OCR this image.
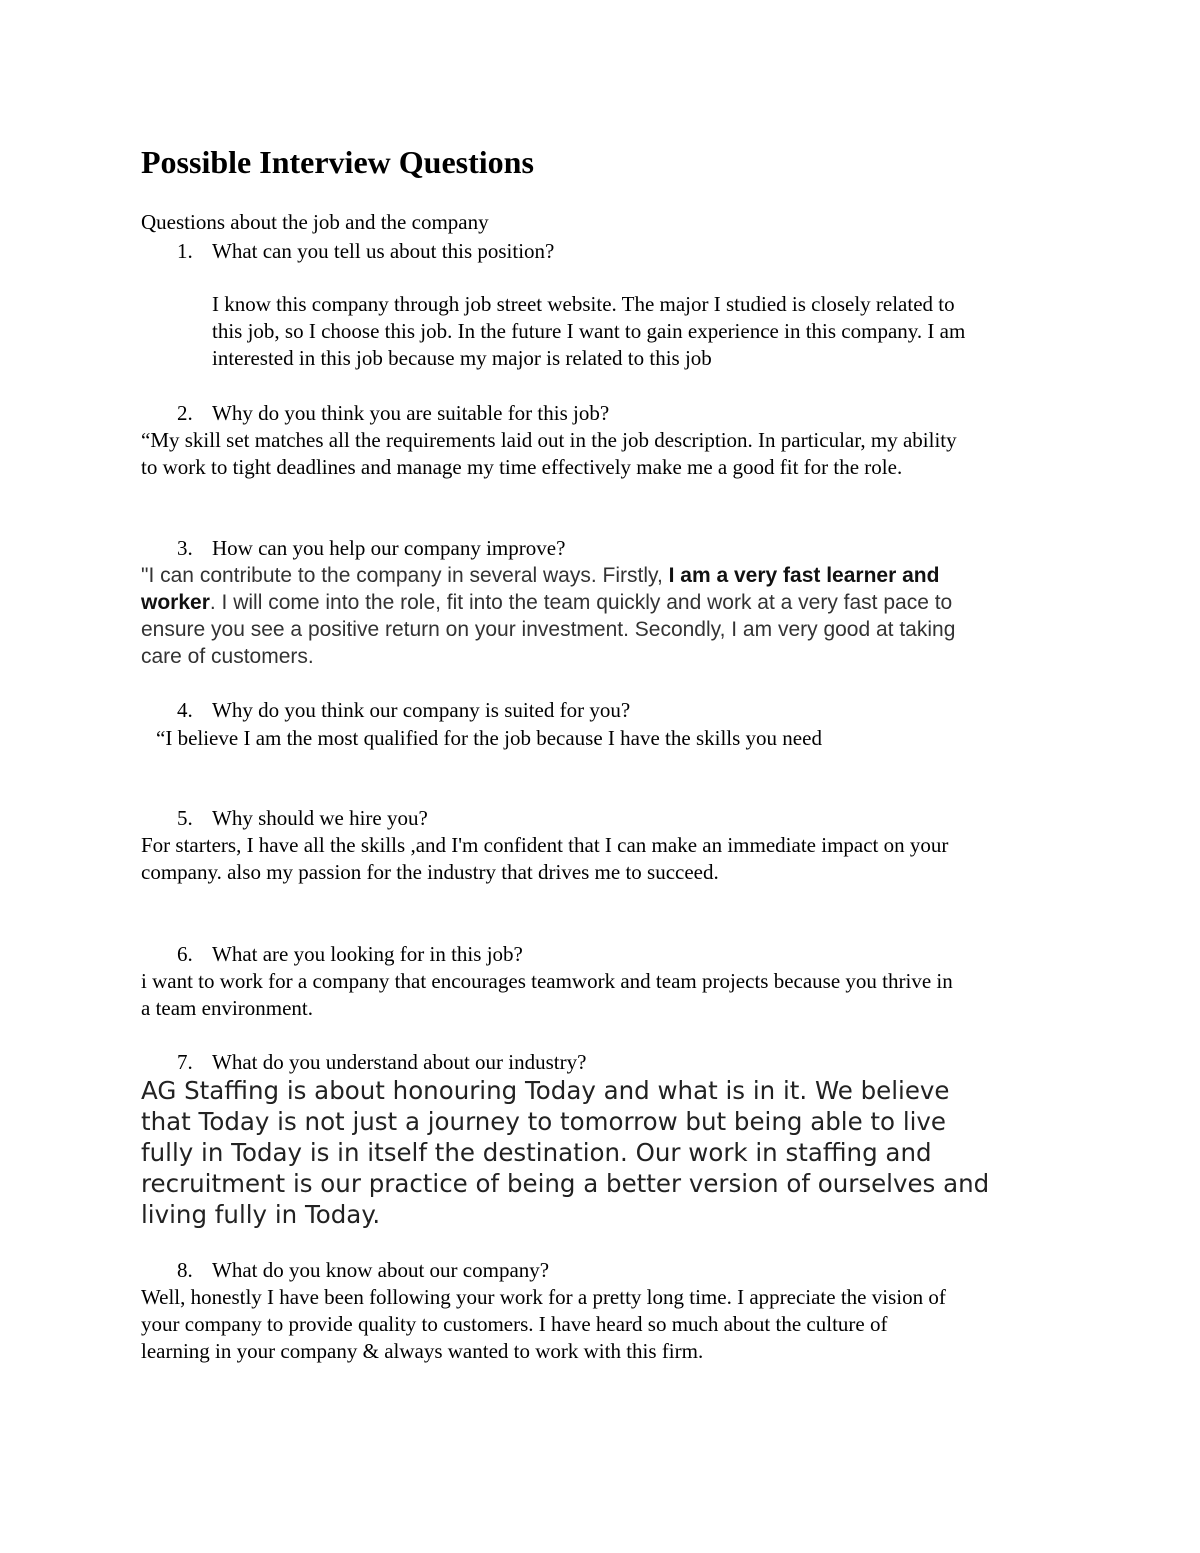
Possible Interview Questions
Questions about the job and the company
1. What can you tell us about this position?
I know this company through job street website. The major I studied is closely related to
this job, so I choose this job. In the future I want to gain experience in this company. I am
interested in this job because my major is related to this job
2. Why do you think you are suitable for this job?
“My skill set matches all the requirements laid out in the job description. In particular, my ability
to work to tight deadlines and manage my time effectively make me a good fit for the role.
3. How can you help our company improve?
"I can contribute to the company in several ways. Firstly, I am a very fast learner and
worker. I will come into the role, fit into the team quickly and work at a very fast pace to
ensure you see a positive return on your investment. Secondly, I am very good at taking
care of customers.
4. Why do you think our company is suited for you?
“I believe I am the most qualified for the job because I have the skills you need
5. Why should we hire you?
For starters, I have all the skills ,and I'm confident that I can make an immediate impact on your
company. also my passion for the industry that drives me to succeed.
6. What are you looking for in this job?
i want to work for a company that encourages teamwork and team projects because you thrive in
a team environment.
7. What do you understand about our industry?
AG Staffing is about honouring Today and what is in it. We believe
that Today is not just a journey to tomorrow but being able to live
fully in Today is in itself the destination. Our work in staffing and
recruitment is our practice of being a better version of ourselves and
living fully in Today.
8. What do you know about our company?
Well, honestly I have been following your work for a pretty long time. I appreciate the vision of
your company to provide quality to customers. I have heard so much about the culture of
learning in your company & always wanted to work with this firm.
